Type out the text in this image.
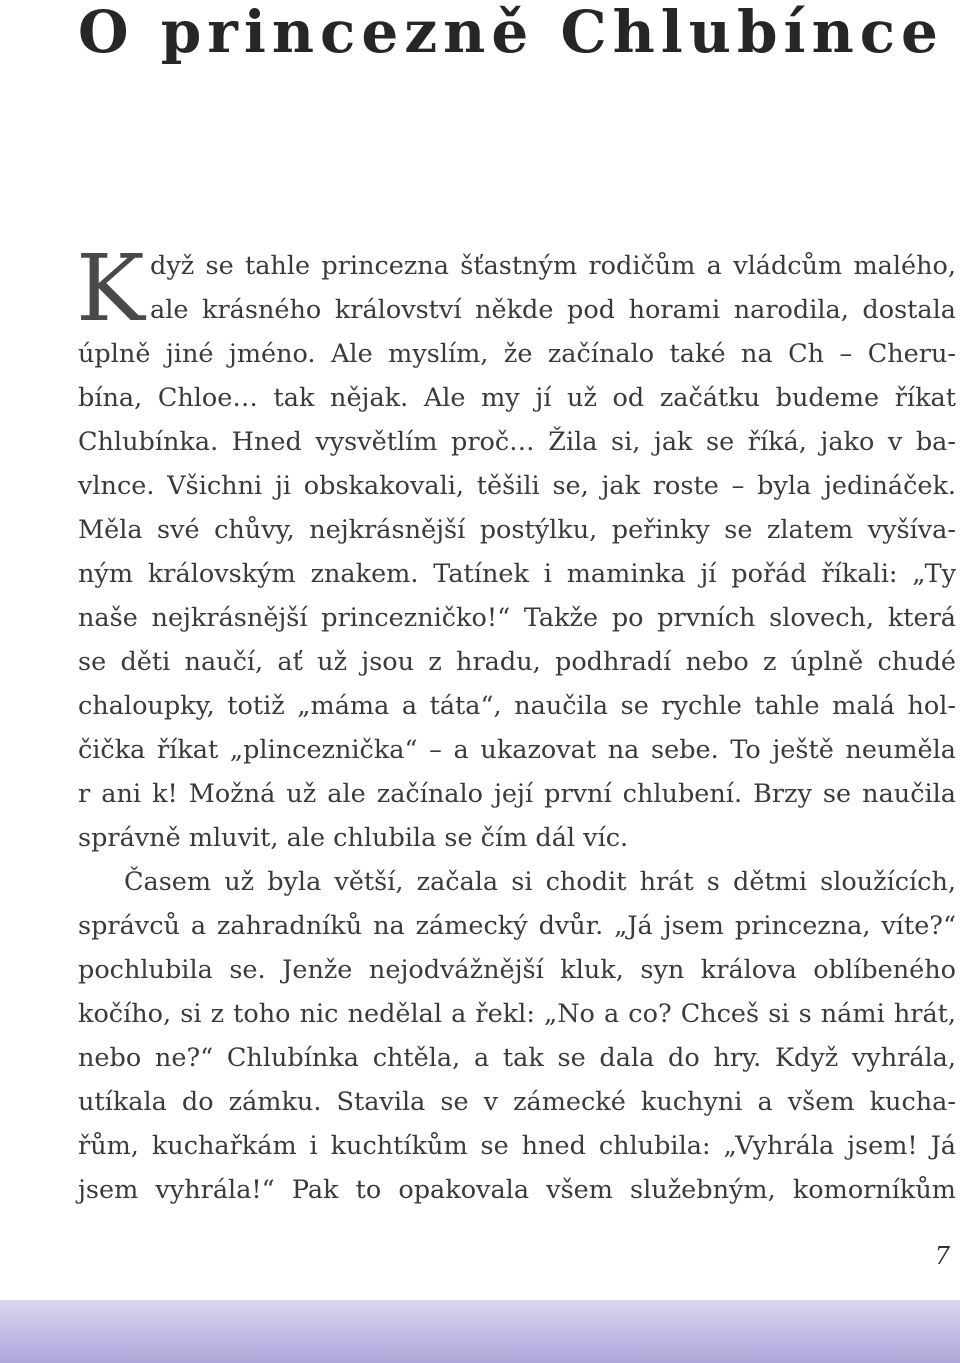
O princezně Chlubínce
K dyž se tahle princezna šťastným rodičům a vládcům malého,
ale krásného království někde pod horami narodila, dostala
úplně jiné jméno. Ale myslím, že začínalo také na Ch – Cheru-
bína, Chloe… tak nějak. Ale my jí už od začátku budeme říkat
Chlubínka. Hned vysvětlím proč… Žila si, jak se říká, jako v ba-
vlnce. Všichni ji obskakovali, těšili se, jak roste – byla jedináček.
Měla své chůvy, nejkrásnější postýlku, peřinky se zlatem vyšíva-
ným královským znakem. Tatínek i maminka jí pořád říkali: „Ty
naše nejkrásnější princezničko!“ Takže po prvních slovech, která
se děti naučí, ať už jsou z hradu, podhradí nebo z úplně chudé
chaloupky, totiž „máma a táta“, naučila se rychle tahle malá hol-
čička říkat „plinceznička“ – a ukazovat na sebe. To ještě neuměla
r ani k! Možná už ale začínalo její první chlubení. Brzy se naučila
správně mluvit, ale chlubila se čím dál víc.
Časem už byla větší, začala si chodit hrát s dětmi sloužících,
správců a zahradníků na zámecký dvůr. „Já jsem princezna, víte?“
pochlubila se. Jenže nejodvážnější kluk, syn králova oblíbeného
kočího, si z toho nic nedělal a řekl: „No a co? Chceš si s námi hrát,
nebo ne?“ Chlubínka chtěla, a tak se dala do hry. Když vyhrála,
utíkala do zámku. Stavila se v zámecké kuchyni a všem kucha-
řům, kuchařkám i kuchtíkům se hned chlubila: „Vyhrála jsem! Já
jsem vyhrála!“ Pak to opakovala všem služebným, komorníkům
7
